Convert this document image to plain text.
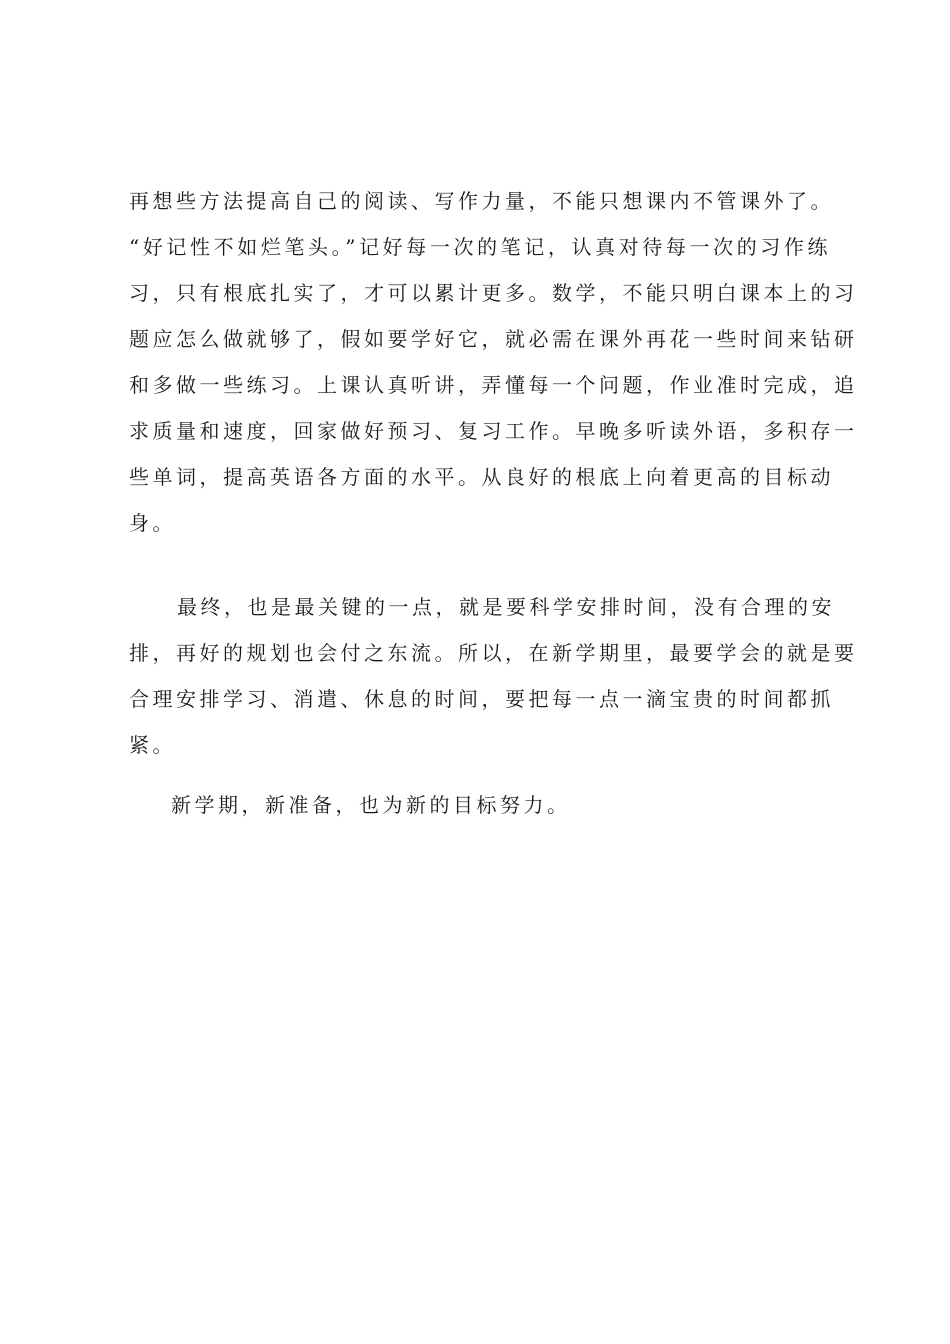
再想些方法提高自己的阅读、写作力量，不能只想课内不管课外了。
“好记性不如烂笔头。”记好每一次的笔记，认真对待每一次的习作练
习，只有根底扎实了，才可以累计更多。数学，不能只明白课本上的习
题应怎么做就够了，假如要学好它，就必需在课外再花一些时间来钻研
和多做一些练习。上课认真听讲，弄懂每一个问题，作业准时完成，追
求质量和速度，回家做好预习、复习工作。早晚多听读外语，多积存一
些单词，提高英语各方面的水平。从良好的根底上向着更高的目标动
身。
最终，也是最关键的一点，就是要科学安排时间，没有合理的安
排，再好的规划也会付之东流。所以，在新学期里，最要学会的就是要
合理安排学习、消遣、休息的时间，要把每一点一滴宝贵的时间都抓
紧。
新学期，新准备，也为新的目标努力。
